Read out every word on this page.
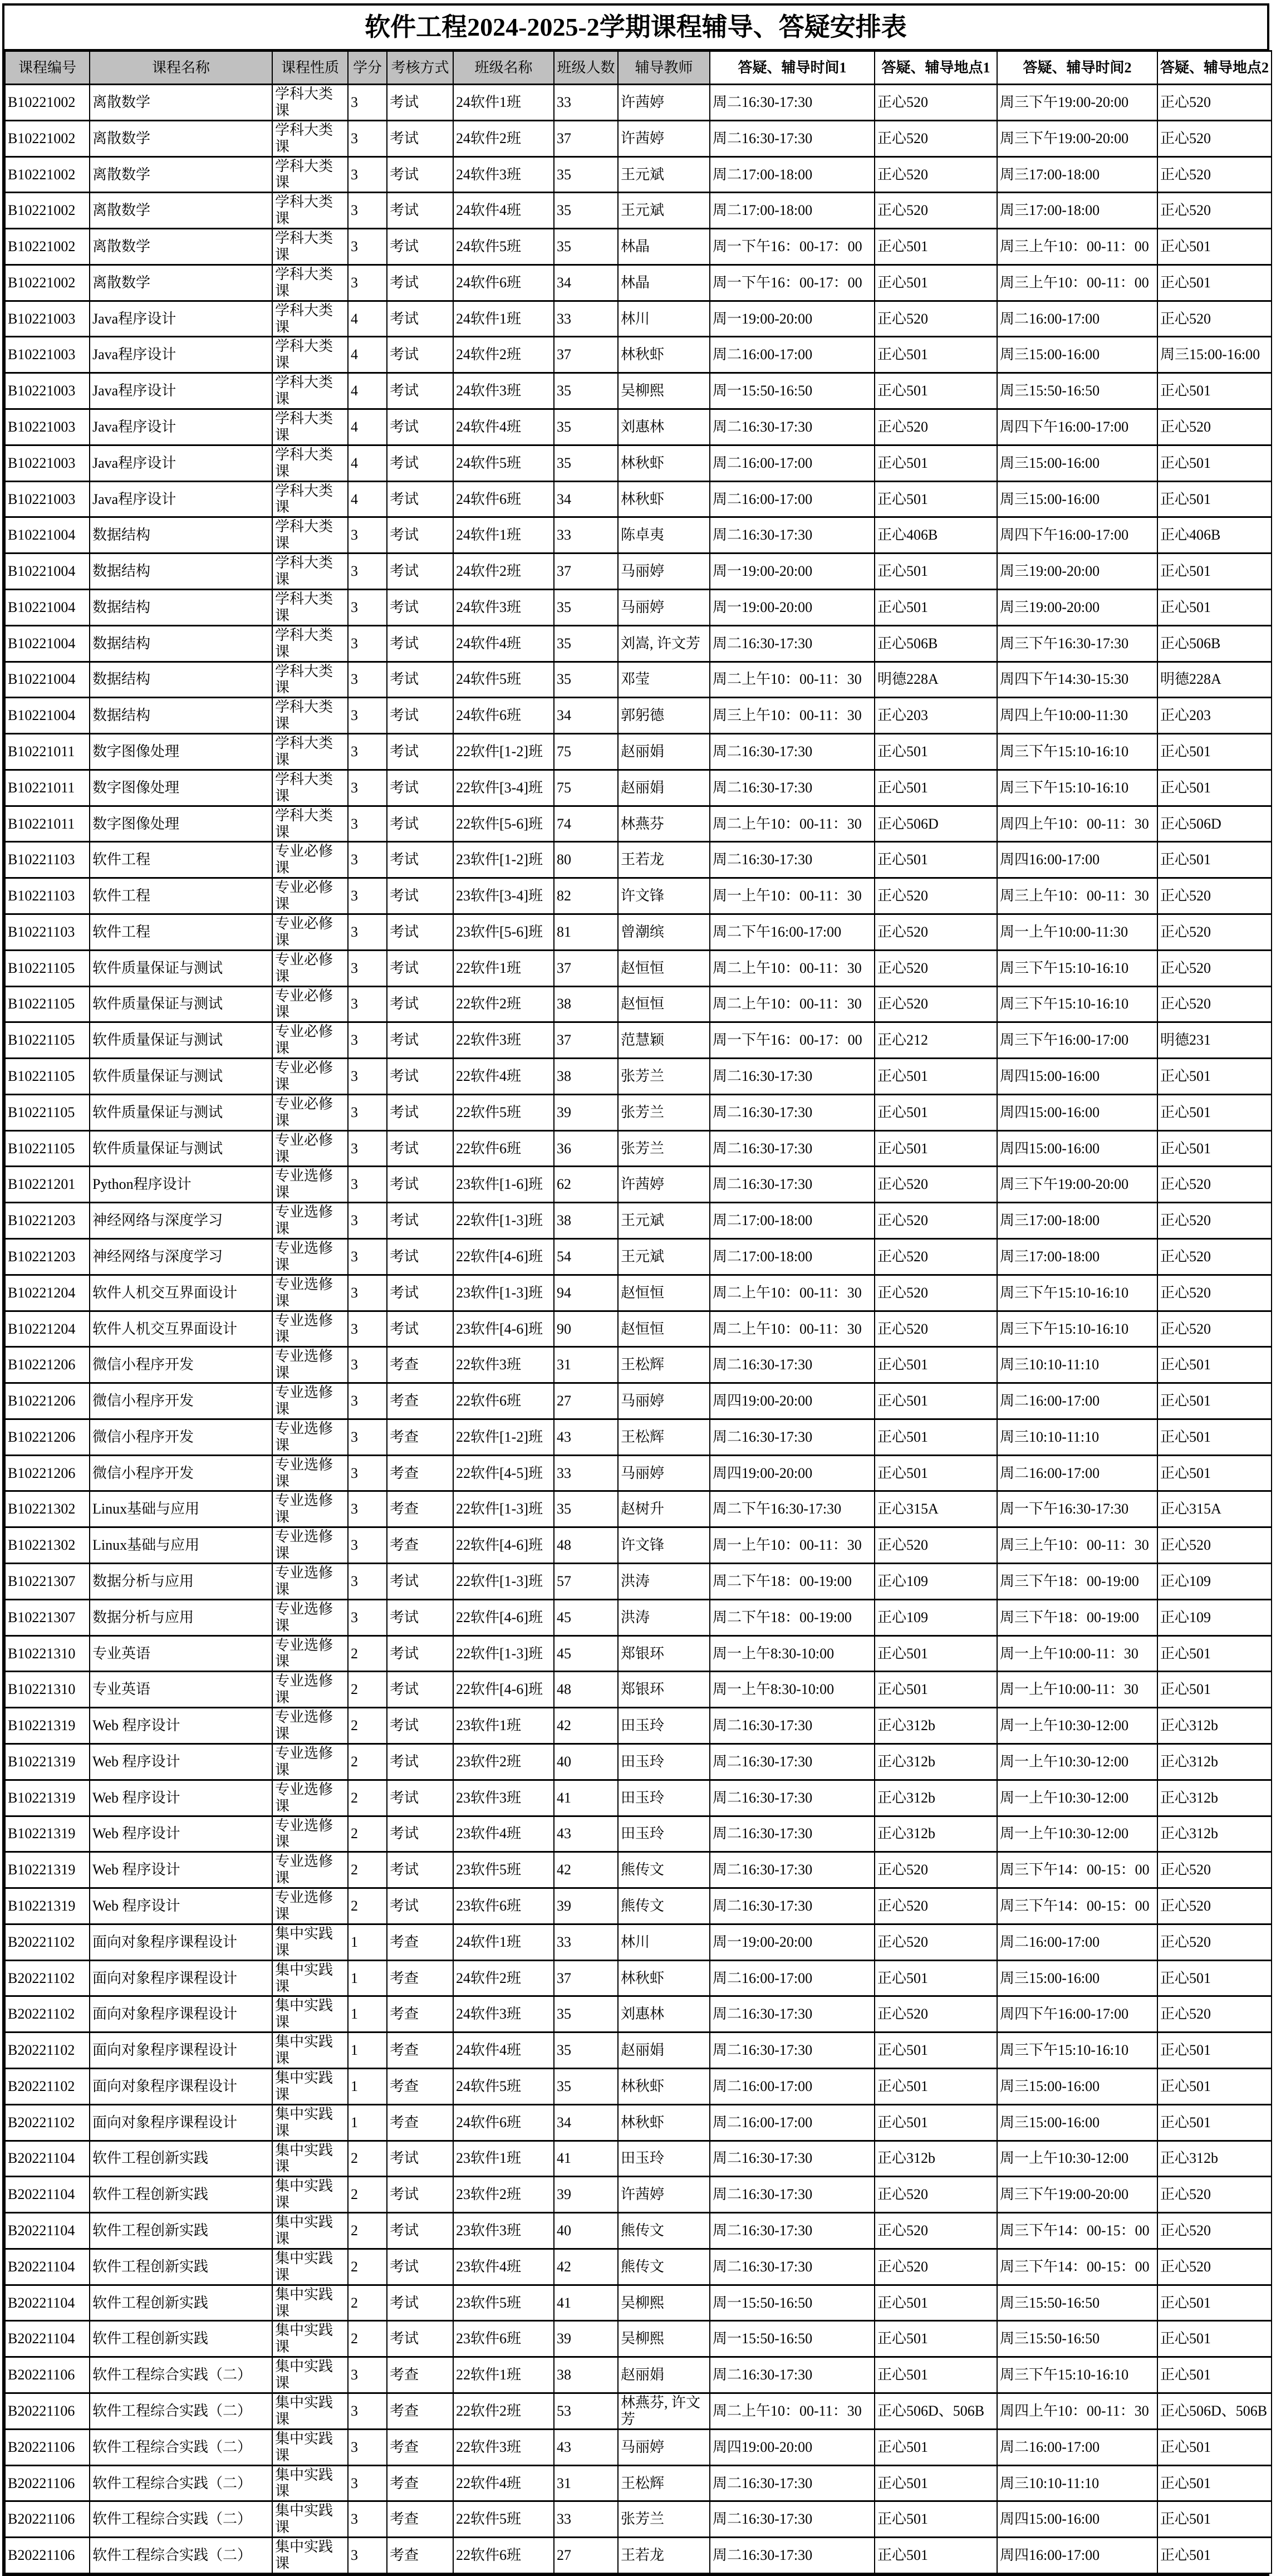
软件工程2024-2025-2学期课程辅导、答疑安排表
课程编号	课程名称	课程性质	学分	考核方式	班级名称	班级人数	辅导教师	答疑、辅导时间1	答疑、辅导地点1	答疑、辅导时间2	答疑、辅导地点2
B10221002	离散数学	学科大类课	3	考试	24软件1班	33	许茜婷	周二16:30-17:30	正心520	周三下午19:00-20:00	正心520
B10221002	离散数学	学科大类课	3	考试	24软件2班	37	许茜婷	周二16:30-17:30	正心520	周三下午19:00-20:00	正心520
B10221002	离散数学	学科大类课	3	考试	24软件3班	35	王元斌	周二17:00-18:00	正心520	周三17:00-18:00	正心520
B10221002	离散数学	学科大类课	3	考试	24软件4班	35	王元斌	周二17:00-18:00	正心520	周三17:00-18:00	正心520
B10221002	离散数学	学科大类课	3	考试	24软件5班	35	林晶	周一下午16：00-17：00	正心501	周三上午10：00-11：00	正心501
B10221002	离散数学	学科大类课	3	考试	24软件6班	34	林晶	周一下午16：00-17：00	正心501	周三上午10：00-11：00	正心501
B10221003	Java程序设计	学科大类课	4	考试	24软件1班	33	林川	周一19:00-20:00	正心520	周二16:00-17:00	正心520
B10221003	Java程序设计	学科大类课	4	考试	24软件2班	37	林秋虾	周二16:00-17:00	正心501	周三15:00-16:00	周三15:00-16:00
B10221003	Java程序设计	学科大类课	4	考试	24软件3班	35	吴柳熙	周一15:50-16:50	正心501	周三15:50-16:50	正心501
B10221003	Java程序设计	学科大类课	4	考试	24软件4班	35	刘惠林	周二16:30-17:30	正心520	周四下午16:00-17:00	正心520
B10221003	Java程序设计	学科大类课	4	考试	24软件5班	35	林秋虾	周二16:00-17:00	正心501	周三15:00-16:00	正心501
B10221003	Java程序设计	学科大类课	4	考试	24软件6班	34	林秋虾	周二16:00-17:00	正心501	周三15:00-16:00	正心501
B10221004	数据结构	学科大类课	3	考试	24软件1班	33	陈卓夷	周二16:30-17:30	正心406B	周四下午16:00-17:00	正心406B
B10221004	数据结构	学科大类课	3	考试	24软件2班	37	马丽婷	周一19:00-20:00	正心501	周三19:00-20:00	正心501
B10221004	数据结构	学科大类课	3	考试	24软件3班	35	马丽婷	周一19:00-20:00	正心501	周三19:00-20:00	正心501
B10221004	数据结构	学科大类课	3	考试	24软件4班	35	刘嵩, 许文芳	周二16:30-17:30	正心506B	周三下午16:30-17:30	正心506B
B10221004	数据结构	学科大类课	3	考试	24软件5班	35	邓莹	周二上午10：00-11：30	明德228A	周四下午14:30-15:30	明德228A
B10221004	数据结构	学科大类课	3	考试	24软件6班	34	郭躬德	周三上午10：00-11：30	正心203	周四上午10:00-11:30	正心203
B10221011	数字图像处理	学科大类课	3	考试	22软件[1-2]班	75	赵丽娟	周二16:30-17:30	正心501	周三下午15:10-16:10	正心501
B10221011	数字图像处理	学科大类课	3	考试	22软件[3-4]班	75	赵丽娟	周二16:30-17:30	正心501	周三下午15:10-16:10	正心501
B10221011	数字图像处理	学科大类课	3	考试	22软件[5-6]班	74	林燕芬	周二上午10：00-11：30	正心506D	周四上午10：00-11：30	正心506D
B10221103	软件工程	专业必修课	3	考试	23软件[1-2]班	80	王若龙	周二16:30-17:30	正心501	周四16:00-17:00	正心501
B10221103	软件工程	专业必修课	3	考试	23软件[3-4]班	82	许文锋	周一上午10：00-11：30	正心520	周三上午10：00-11：30	正心520
B10221103	软件工程	专业必修课	3	考试	23软件[5-6]班	81	曾潮缤	周二下午16:00-17:00	正心520	周一上午10:00-11:30	正心520
B10221105	软件质量保证与测试	专业必修课	3	考试	22软件1班	37	赵恒恒	周二上午10：00-11：30	正心520	周三下午15:10-16:10	正心520
B10221105	软件质量保证与测试	专业必修课	3	考试	22软件2班	38	赵恒恒	周二上午10：00-11：30	正心520	周三下午15:10-16:10	正心520
B10221105	软件质量保证与测试	专业必修课	3	考试	22软件3班	37	范慧颖	周一下午16：00-17：00	正心212	周三下午16:00-17:00	明德231
B10221105	软件质量保证与测试	专业必修课	3	考试	22软件4班	38	张芳兰	周二16:30-17:30	正心501	周四15:00-16:00	正心501
B10221105	软件质量保证与测试	专业必修课	3	考试	22软件5班	39	张芳兰	周二16:30-17:30	正心501	周四15:00-16:00	正心501
B10221105	软件质量保证与测试	专业必修课	3	考试	22软件6班	36	张芳兰	周二16:30-17:30	正心501	周四15:00-16:00	正心501
B10221201	Python程序设计	专业选修课	3	考试	23软件[1-6]班	62	许茜婷	周二16:30-17:30	正心520	周三下午19:00-20:00	正心520
B10221203	神经网络与深度学习	专业选修课	3	考试	22软件[1-3]班	38	王元斌	周二17:00-18:00	正心520	周三17:00-18:00	正心520
B10221203	神经网络与深度学习	专业选修课	3	考试	22软件[4-6]班	54	王元斌	周二17:00-18:00	正心520	周三17:00-18:00	正心520
B10221204	软件人机交互界面设计	专业选修课	3	考试	23软件[1-3]班	94	赵恒恒	周二上午10：00-11：30	正心520	周三下午15:10-16:10	正心520
B10221204	软件人机交互界面设计	专业选修课	3	考试	23软件[4-6]班	90	赵恒恒	周二上午10：00-11：30	正心520	周三下午15:10-16:10	正心520
B10221206	微信小程序开发	专业选修课	3	考查	22软件3班	31	王松辉	周二16:30-17:30	正心501	周三10:10-11:10	正心501
B10221206	微信小程序开发	专业选修课	3	考查	22软件6班	27	马丽婷	周四19:00-20:00	正心501	周二16:00-17:00	正心501
B10221206	微信小程序开发	专业选修课	3	考查	22软件[1-2]班	43	王松辉	周二16:30-17:30	正心501	周三10:10-11:10	正心501
B10221206	微信小程序开发	专业选修课	3	考查	22软件[4-5]班	33	马丽婷	周四19:00-20:00	正心501	周二16:00-17:00	正心501
B10221302	Linux基础与应用	专业选修课	3	考查	22软件[1-3]班	35	赵树升	周二下午16:30-17:30	正心315A	周一下午16:30-17:30	正心315A
B10221302	Linux基础与应用	专业选修课	3	考查	22软件[4-6]班	48	许文锋	周一上午10：00-11：30	正心520	周三上午10：00-11：30	正心520
B10221307	数据分析与应用	专业选修课	3	考试	22软件[1-3]班	57	洪涛	周二下午18：00-19:00	正心109	周三下午18：00-19:00	正心109
B10221307	数据分析与应用	专业选修课	3	考试	22软件[4-6]班	45	洪涛	周二下午18：00-19:00	正心109	周三下午18：00-19:00	正心109
B10221310	专业英语	专业选修课	2	考试	22软件[1-3]班	45	郑银环	周一上午8:30-10:00	正心501	周一上午10:00-11：30	正心501
B10221310	专业英语	专业选修课	2	考试	22软件[4-6]班	48	郑银环	周一上午8:30-10:00	正心501	周一上午10:00-11：30	正心501
B10221319	Web 程序设计	专业选修课	2	考试	23软件1班	42	田玉玲	周二16:30-17:30	正心312b	周一上午10:30-12:00	正心312b
B10221319	Web 程序设计	专业选修课	2	考试	23软件2班	40	田玉玲	周二16:30-17:30	正心312b	周一上午10:30-12:00	正心312b
B10221319	Web 程序设计	专业选修课	2	考试	23软件3班	41	田玉玲	周二16:30-17:30	正心312b	周一上午10:30-12:00	正心312b
B10221319	Web 程序设计	专业选修课	2	考试	23软件4班	43	田玉玲	周二16:30-17:30	正心312b	周一上午10:30-12:00	正心312b
B10221319	Web 程序设计	专业选修课	2	考试	23软件5班	42	熊传文	周二16:30-17:30	正心520	周三下午14：00-15：00	正心520
B10221319	Web 程序设计	专业选修课	2	考试	23软件6班	39	熊传文	周二16:30-17:30	正心520	周三下午14：00-15：00	正心520
B20221102	面向对象程序课程设计	集中实践课	1	考查	24软件1班	33	林川	周一19:00-20:00	正心520	周二16:00-17:00	正心520
B20221102	面向对象程序课程设计	集中实践课	1	考查	24软件2班	37	林秋虾	周二16:00-17:00	正心501	周三15:00-16:00	正心501
B20221102	面向对象程序课程设计	集中实践课	1	考查	24软件3班	35	刘惠林	周二16:30-17:30	正心520	周四下午16:00-17:00	正心520
B20221102	面向对象程序课程设计	集中实践课	1	考查	24软件4班	35	赵丽娟	周二16:30-17:30	正心501	周三下午15:10-16:10	正心501
B20221102	面向对象程序课程设计	集中实践课	1	考查	24软件5班	35	林秋虾	周二16:00-17:00	正心501	周三15:00-16:00	正心501
B20221102	面向对象程序课程设计	集中实践课	1	考查	24软件6班	34	林秋虾	周二16:00-17:00	正心501	周三15:00-16:00	正心501
B20221104	软件工程创新实践	集中实践课	2	考试	23软件1班	41	田玉玲	周二16:30-17:30	正心312b	周一上午10:30-12:00	正心312b
B20221104	软件工程创新实践	集中实践课	2	考试	23软件2班	39	许茜婷	周二16:30-17:30	正心520	周三下午19:00-20:00	正心520
B20221104	软件工程创新实践	集中实践课	2	考试	23软件3班	40	熊传文	周二16:30-17:30	正心520	周三下午14：00-15：00	正心520
B20221104	软件工程创新实践	集中实践课	2	考试	23软件4班	42	熊传文	周二16:30-17:30	正心520	周三下午14：00-15：00	正心520
B20221104	软件工程创新实践	集中实践课	2	考试	23软件5班	41	吴柳熙	周一15:50-16:50	正心501	周三15:50-16:50	正心501
B20221104	软件工程创新实践	集中实践课	2	考试	23软件6班	39	吴柳熙	周一15:50-16:50	正心501	周三15:50-16:50	正心501
B20221106	软件工程综合实践（二）	集中实践课	3	考查	22软件1班	38	赵丽娟	周二16:30-17:30	正心501	周三下午15:10-16:10	正心501
B20221106	软件工程综合实践（二）	集中实践课	3	考查	22软件2班	53	林燕芬, 许文芳	周二上午10：00-11：30	正心506D、506B	周四上午10：00-11：30	正心506D、506B
B20221106	软件工程综合实践（二）	集中实践课	3	考查	22软件3班	43	马丽婷	周四19:00-20:00	正心501	周二16:00-17:00	正心501
B20221106	软件工程综合实践（二）	集中实践课	3	考查	22软件4班	31	王松辉	周二16:30-17:30	正心501	周三10:10-11:10	正心501
B20221106	软件工程综合实践（二）	集中实践课	3	考查	22软件5班	33	张芳兰	周二16:30-17:30	正心501	周四15:00-16:00	正心501
B20221106	软件工程综合实践（二）	集中实践课	3	考查	22软件6班	27	王若龙	周二16:30-17:30	正心501	周四16:00-17:00	正心501
